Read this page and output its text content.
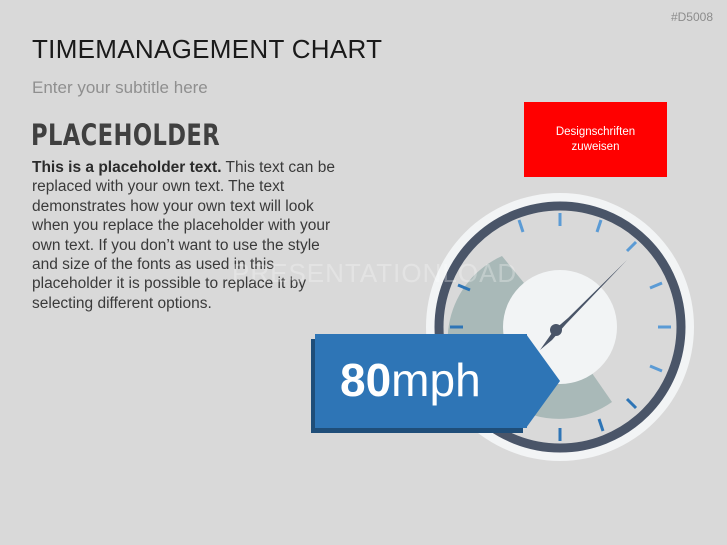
#D5008
TIMEMANAGEMENT CHART
Enter your subtitle here
PLACEHOLDER
This is a placeholder text. This text can be replaced with your own text. The text demonstrates how your own text will look when you replace the placeholder with your own text. If you don’t want to use the style and size of the fonts as used in this placeholder it is possible to replace it by selecting different options.
Designschriften zuweisen
PRESENTATIONLOAD
80mph
